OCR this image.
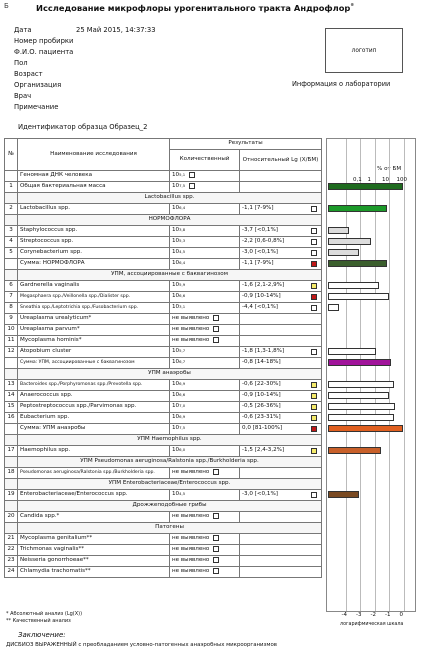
Б	Исследование микрофлоры урогенитального тракта Андрофлор®
Дата	25 Май 2015, 14:37:33
Номер пробирки
Ф.И.О. пациента
Пол
Возраст
Организация
Врач
Примечание
логотип
Информация о лаборатории
Идентификатор образца Образец_2
№	Наименование исследования	Результаты	
		Количественный	Относительный Lg (X/БМ)
	Геномная ДНК человека	10$^{5,1}$	

1	Общая бактериальная масса	10$^{7,5}$	

	Lactobacillus spp.		
2	Lactobacillus spp.	10$^{6,4}$	-1,1 [7-9%]

	НОРМОФЛОРА		
3	Staphylococcus spp.	10$^{3,8}$	-3,7 [<0,1%]

4	Streptococcus spp.	10$^{5,3}$	-2,2 [0,6-0,8%]

5	Corynebacterium spp.	10$^{4,5}$	-3,0 [<0,1%]

	Сумма: НОРМОФЛОРА	10$^{6,4}$	-1,1 [7-9%]

	УПМ, ассоциированные с баквагинозом		
6	Gardnerella vaginalis	10$^{5,9}$	-1,6 [2,1-2,9%]

7	Megasphaera spp./Veillonella spp./Dialister spp.	10$^{6,6}$	-0,9 [10-14%]

8	Sneathia spp./Leptotrichia spp./Fusobacterium spp.	10$^{3,1}$	-4,4 [<0,1%]

9	Ureaplasma urealyticum*	не выявлено	

10	Ureaplasma parvum*	не выявлено	

11	Mycoplasma hominis*	не выявлено	

12	Atopobium cluster	10$^{5,7}$	-1,8 [1,3-1,8%]

	Сумма: УПМ, ассоциированные с баквагинозом	10$^{6,7}$	-0,8 [14-18%]

	УПМ анаэробы		
13	Bacteroides spp./Porphyromonas spp./Prevotella spp.	10$^{6,9}$	-0,6 [22-30%]

14	Anaerococcus spp.	10$^{6,6}$	-0,9 [10-14%]

15	Peptostreptococcus spp./Parvimonas spp.	10$^{7,0}$	-0,5 [26-36%]

16	Eubacterium spp.	10$^{6,9}$	-0,6 [23-31%]

	Сумма: УПМ анаэробы	10$^{7,5}$	0,0 [81-100%]

	УПМ Haemophilus spp.		
17	Haemophilus spp.	10$^{6,0}$	-1,5 [2,4-3,2%]

	УПМ Pseudomonas aeruginosa/Ralstonia spp./Burkholderia spp.		
18	Pseudomonas aeruginosa/Ralstonia spp./Burkholderia spp.	не выявлено	

	УПМ Enterobacteriaceae/Enterococcus spp.		
19	Enterobacteriaceae/Enterococcus spp.	10$^{4,5}$	-3,0 [<0,1%]

	Дрожжеподобные грибы		
20	Candida spp.*	не выявлено	

	Патогены		
21	Mycoplasma genitalium**	не выявлено	

22	Trichmonas vaginalis**	не выявлено	

23	Neisseria gonorrhoeae**	не выявлено	

24	Chlamydia trachomatis**	не выявлено	
% от БМ
0,1 1 10 100
-4 -3 -2 -1 0
логарифмическая шкала
* Абсолютный анализ (Lg(X))
** Качественный анализ
Заключение:
ДИСБИОЗ ВЫРАЖЕННЫЙ с преобладанием условно-патогенных анаэробных микроорганизмов
